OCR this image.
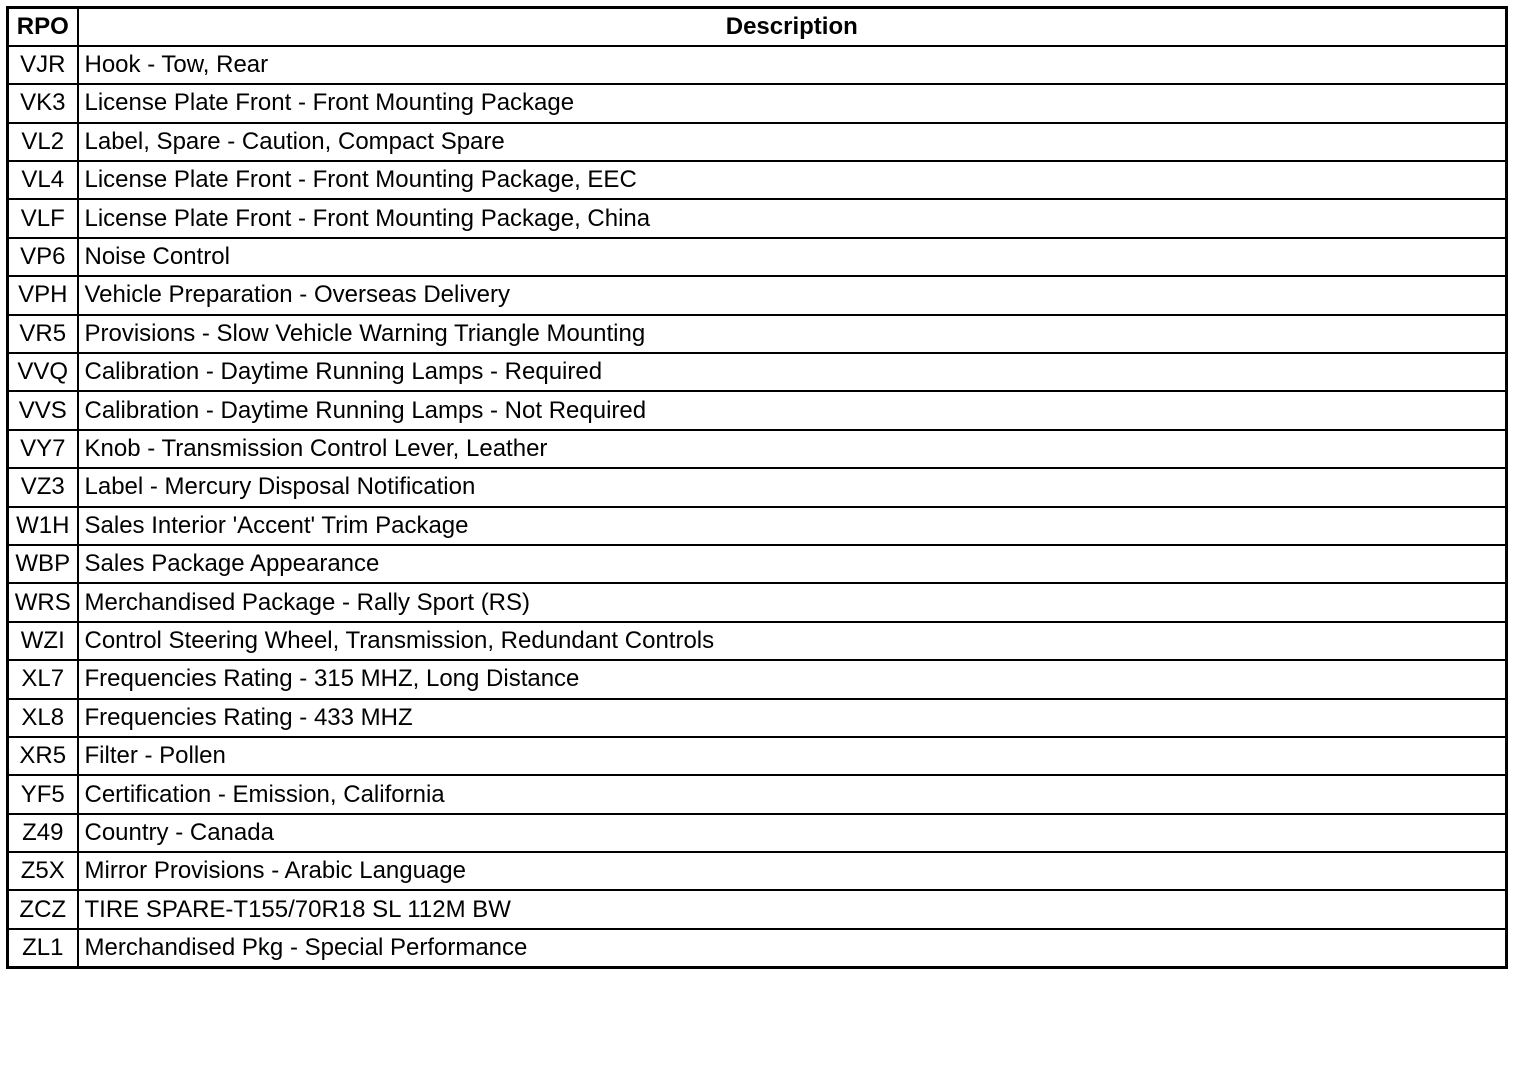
RPO	Description
VJR	Hook - Tow, Rear
VK3	License Plate Front - Front Mounting Package
VL2	Label, Spare - Caution, Compact Spare
VL4	License Plate Front - Front Mounting Package, EEC
VLF	License Plate Front - Front Mounting Package, China
VP6	Noise Control
VPH	Vehicle Preparation - Overseas Delivery
VR5	Provisions - Slow Vehicle Warning Triangle Mounting
VVQ	Calibration - Daytime Running Lamps - Required
VVS	Calibration - Daytime Running Lamps - Not Required
VY7	Knob - Transmission Control Lever, Leather
VZ3	Label - Mercury Disposal Notification
W1H	Sales Interior 'Accent' Trim Package
WBP	Sales Package Appearance
WRS	Merchandised Package - Rally Sport (RS)
WZI	Control Steering Wheel, Transmission, Redundant Controls
XL7	Frequencies Rating - 315 MHZ, Long Distance
XL8	Frequencies Rating - 433 MHZ
XR5	Filter - Pollen
YF5	Certification - Emission, California
Z49	Country - Canada
Z5X	Mirror Provisions - Arabic Language
ZCZ	TIRE SPARE-T155/70R18 SL 112M BW
ZL1	Merchandised Pkg - Special Performance
